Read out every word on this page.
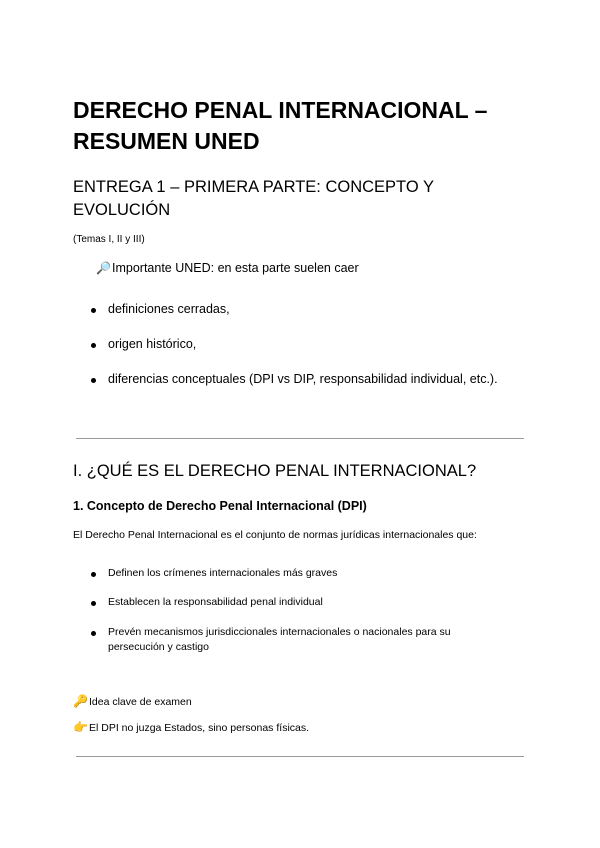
DERECHO PENAL INTERNACIONAL – RESUMEN UNED
ENTREGA 1 – PRIMERA PARTE: CONCEPTO Y EVOLUCIÓN
(Temas I, II y III)
🔎Importante UNED: en esta parte suelen caer
definiciones cerradas,
origen histórico,
diferencias conceptuales (DPI vs DIP, responsabilidad individual, etc.).
I. ¿QUÉ ES EL DERECHO PENAL INTERNACIONAL?
1. Concepto de Derecho Penal Internacional (DPI)
El Derecho Penal Internacional es el conjunto de normas jurídicas internacionales que:
Definen los crímenes internacionales más graves
Establecen la responsabilidad penal individual
Prevén mecanismos jurisdiccionales internacionales o nacionales para su persecución y castigo
🔑Idea clave de examen
👉El DPI no juzga Estados, sino personas físicas.
